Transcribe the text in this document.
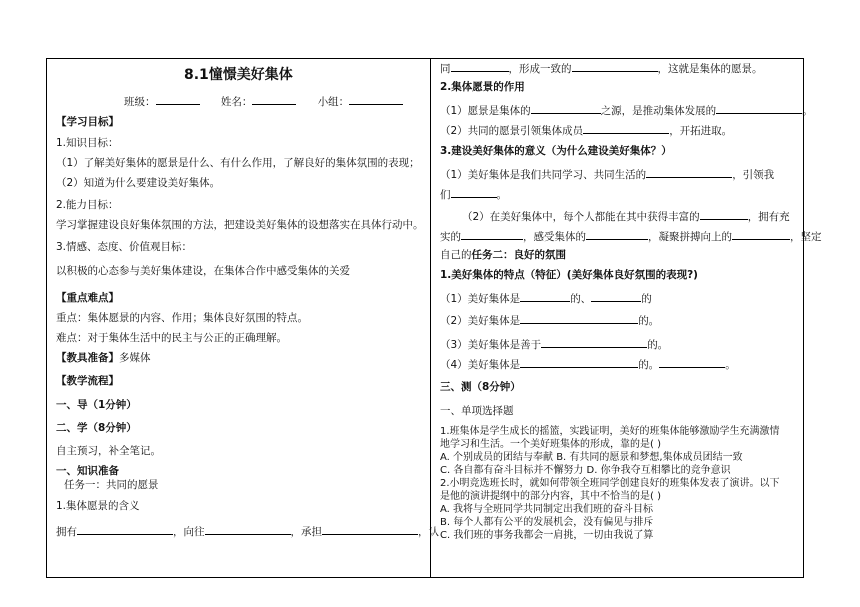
8.1憧憬美好集体
班级：	姓名：	小组：
【学习目标】
1.知识目标：
（1）了解美好集体的愿景是什么、有什么作用，了解良好的集体氛围的表现；
（2）知道为什么要建设美好集体。
2.能力目标：
学习掌握建设良好集体氛围的方法，把建设美好集体的设想落实在具体行动中。
3.情感、态度、价值观目标：
以积极的心态参与美好集体建设，在集体合作中感受集体的关爱
【重点难点】
重点：集体愿景的内容、作用；集体良好氛围的特点。
难点：对于集体生活中的民主与公正的正确理解。
【教具准备】多媒体
【教学流程】
一、导（1分钟）
二、学（8分钟）
自主预习，补全笔记。
一、知识准备
任务一：共同的愿景
1.集体愿景的含义
拥有	，向往	，承担	，认
同	，形成一致的	，这就是集体的愿景。
2.集体愿景的作用
（1）愿景是集体的	之源，是推动集体发展的	。
（2）共同的愿景引领集体成员	，开拓进取。
3.建设美好集体的意义（为什么建设美好集体？）
（1）美好集体是我们共同学习、共同生活的	，引领我
们	。
（2）在美好集体中，每个人都能在其中获得丰富的	，拥有充
实的	，感受集体的	，凝聚拼搏向上的	，坚定
自己的任务二：良好的氛围
1.美好集体的特点（特征）(美好集体良好氛围的表现?)
（1）美好集体是	的、	的
（2）美好集体是	的。
（3）美好集体是善于	的。
（4）美好集体是	的。	。
三、测（8分钟）
一、单项选择题
1.班集体是学生成长的摇篮，实践证明，美好的班集体能够激励学生充满激情
地学习和生活。一个美好班集体的形成，靠的是( )
A. 个别成员的团结与奉献 B. 有共同的愿景和梦想,集体成员团结一致
C. 各自都有奋斗目标并不懈努力 D. 你争我夺互相攀比的竞争意识
2.小明竞选班长时，就如何带领全班同学创建良好的班集体发表了演讲。以下
是他的演讲提纲中的部分内容，其中不恰当的是( )
A. 我将与全班同学共同制定出我们班的奋斗目标
B. 每个人都有公平的发展机会，没有偏见与排斥
C. 我们班的事务我都会一肩挑，一切由我说了算
